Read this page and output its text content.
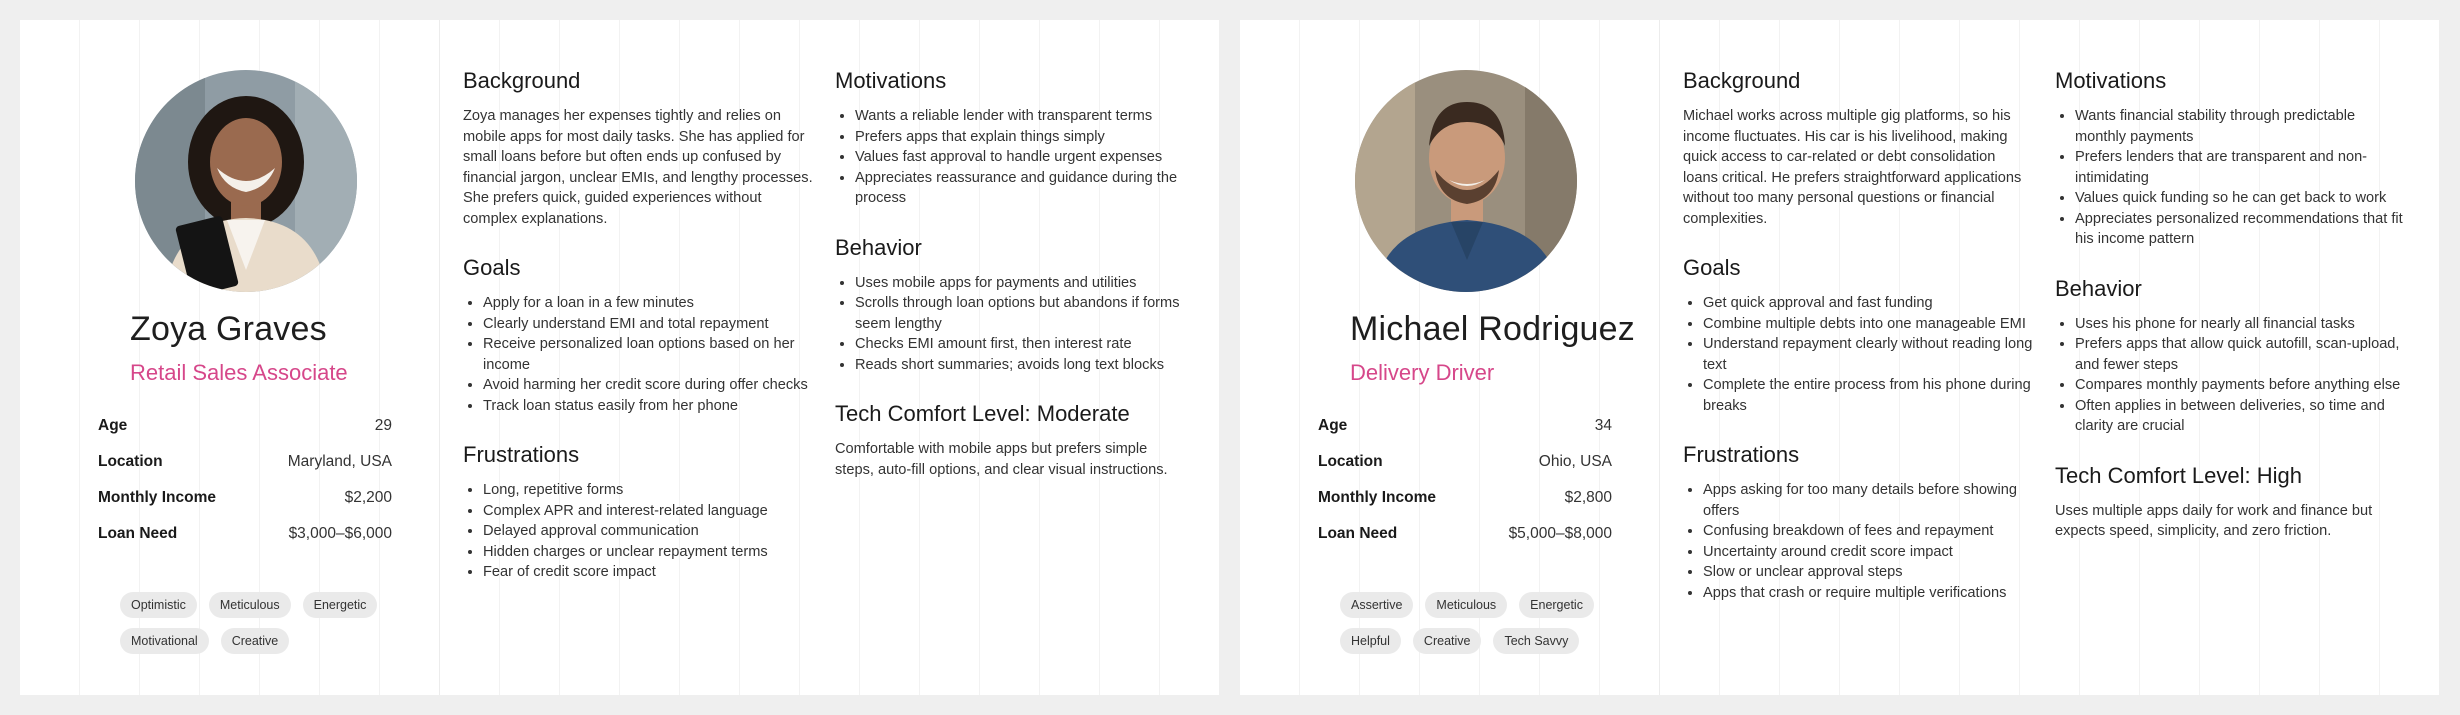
Zoya Graves
Retail Sales Associate
Age	29
Location	Maryland, USA
Monthly Income	$2,200
Loan Need	$3,000–$6,000
Optimistic	Meticulous	Energetic
Motivational	Creative
Background

Zoya manages her expenses tightly and relies on mobile apps for most daily tasks. She has applied for small loans before but often ends up confused by financial jargon, unclear EMIs, and lengthy processes. She prefers quick, guided experiences without complex explanations.

Goals
• Apply for a loan in a few minutes
• Clearly understand EMI and total repayment
• Receive personalized loan options based on her income
• Avoid harming her credit score during offer checks
• Track loan status easily from her phone
Frustrations
• Long, repetitive forms
• Complex APR and interest-related language
• Delayed approval communication
• Hidden charges or unclear repayment terms
• Fear of credit score impact
Motivations
• Wants a reliable lender with transparent terms
• Prefers apps that explain things simply
• Values fast approval to handle urgent expenses
• Appreciates reassurance and guidance during the process
Behavior
• Uses mobile apps for payments and utilities
• Scrolls through loan options but abandons if forms seem lengthy
• Checks EMI amount first, then interest rate
• Reads short summaries; avoids long text blocks
Tech Comfort Level: Moderate

Comfortable with mobile apps but prefers simple steps, auto-fill options, and clear visual instructions.

Michael Rodriguez
Delivery Driver
Age	34
Location	Ohio, USA
Monthly Income	$2,800
Loan Need	$5,000–$8,000
Assertive	Meticulous	Energetic
Helpful	Creative	Tech Savvy
Background

Michael works across multiple gig platforms, so his income fluctuates. His car is his livelihood, making quick access to car-related or debt consolidation loans critical. He prefers straightforward applications without too many personal questions or financial complexities.

Goals
• Get quick approval and fast funding
• Combine multiple debts into one manageable EMI
• Understand repayment clearly without reading long text
• Complete the entire process from his phone during breaks
Frustrations
• Apps asking for too many details before showing offers
• Confusing breakdown of fees and repayment
• Uncertainty around credit score impact
• Slow or unclear approval steps
• Apps that crash or require multiple verifications
Motivations
• Wants financial stability through predictable monthly payments
• Prefers lenders that are transparent and non-intimidating
• Values quick funding so he can get back to work
• Appreciates personalized recommendations that fit his income pattern
Behavior
• Uses his phone for nearly all financial tasks
• Prefers apps that allow quick autofill, scan-upload, and fewer steps
• Compares monthly payments before anything else
• Often applies in between deliveries, so time and clarity are crucial
Tech Comfort Level: High

Uses multiple apps daily for work and finance but expects speed, simplicity, and zero friction.
